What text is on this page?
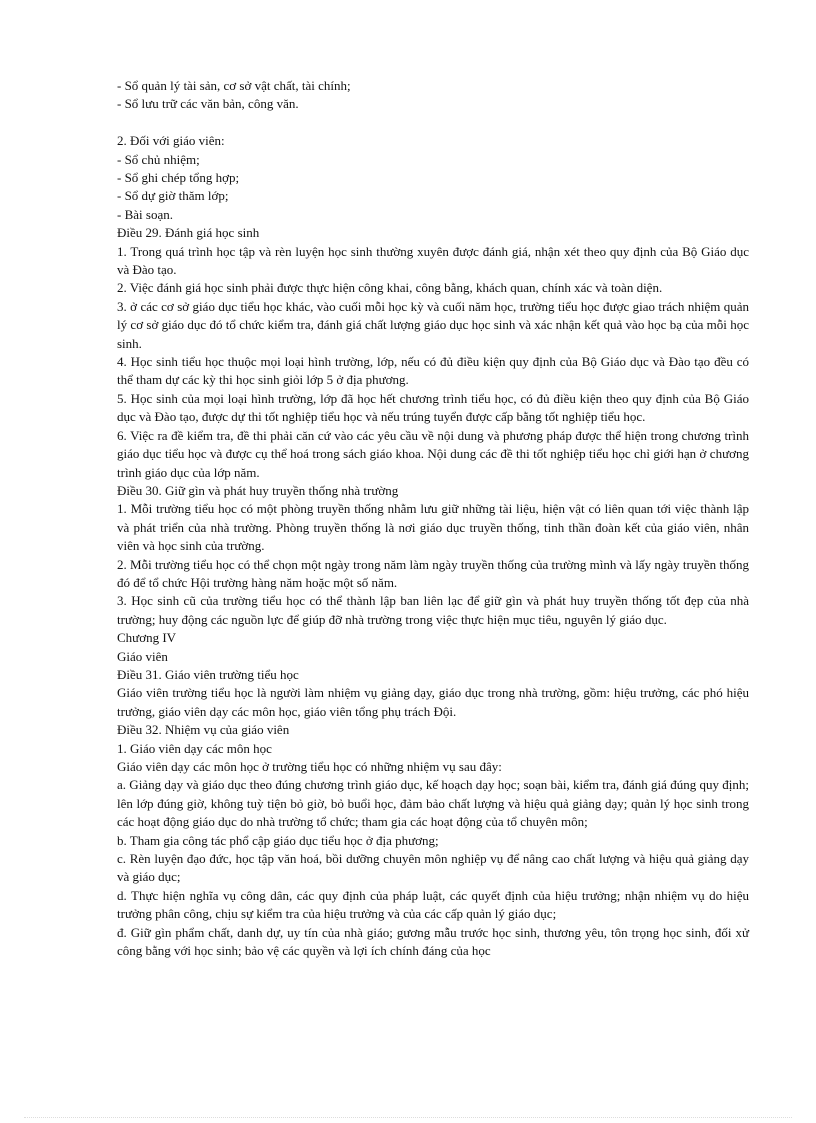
- Sổ quản lý tài sản, cơ sở vật chất, tài chính;

- Sổ lưu trữ các văn bản, công văn.

2. Đối với giáo viên:

- Sổ chủ nhiệm;

- Sổ ghi chép tổng hợp;

- Sổ dự giờ thăm lớp;

- Bài soạn.

Điều 29. Đánh giá học sinh

1. Trong quá trình học tập và rèn luyện học sinh thường xuyên được đánh giá, nhận xét theo quy định của Bộ Giáo dục và Đào tạo.

2. Việc đánh giá học sinh phải được thực hiện công khai, công bằng, khách quan, chính xác và toàn diện.

3. ở các cơ sở giáo dục tiểu học khác, vào cuối mỗi học kỳ và cuối năm học, trường tiểu học được giao trách nhiệm quản lý cơ sở giáo dục đó tổ chức kiểm tra, đánh giá chất lượng giáo dục học sinh và xác nhận kết quả vào học bạ của mỗi học sinh.

4. Học sinh tiểu học thuộc mọi loại hình trường, lớp, nếu có đủ điều kiện quy định của Bộ Giáo dục và Đào tạo đều có thể tham dự các kỳ thi học sinh giỏi lớp 5 ở địa phương.

5. Học sinh của mọi loại hình trường, lớp đã học hết chương trình tiểu học, có đủ điều kiện theo quy định của Bộ Giáo dục và Đào tạo, được dự thi tốt nghiệp tiểu học và nếu trúng tuyển được cấp bằng tốt nghiệp tiểu học.

6. Việc ra đề kiểm tra, đề thi phải căn cứ vào các yêu cầu về nội dung và phương pháp được thể hiện trong chương trình giáo dục tiểu học và được cụ thể hoá trong sách giáo khoa. Nội dung các đề thi tốt nghiệp tiểu học chỉ giới hạn ở chương trình giáo dục của lớp năm.

Điều 30. Giữ gìn và phát huy truyền thống nhà trường

1. Mỗi trường tiểu học có một phòng truyền thống nhằm lưu giữ những tài liệu, hiện vật có liên quan tới việc thành lập và phát triển của nhà trường. Phòng truyền thống là nơi giáo dục truyền thống, tinh thần đoàn kết của giáo viên, nhân viên và học sinh của trường.

2. Mỗi trường tiểu học có thể chọn một ngày trong năm làm ngày truyền thống của trường mình và lấy ngày truyền thống đó để tổ chức Hội trường hàng năm hoặc một số năm.

3. Học sinh cũ của trường tiểu học có thể thành lập ban liên lạc để giữ gìn và phát huy truyền thống tốt đẹp của nhà trường; huy động các nguồn lực để giúp đỡ nhà trường trong việc thực hiện mục tiêu, nguyên lý giáo dục.

Chương IV

Giáo viên

Điều 31. Giáo viên trường tiểu học

Giáo viên trường tiểu học là người làm nhiệm vụ giảng dạy, giáo dục trong nhà trường, gồm: hiệu trưởng, các phó hiệu trưởng, giáo viên dạy các môn học, giáo viên tổng phụ trách Đội.

Điều 32. Nhiệm vụ của giáo viên

1. Giáo viên dạy các môn học

Giáo viên dạy các môn học ở trường tiểu học có những nhiệm vụ sau đây:

a. Giảng dạy và giáo dục theo đúng chương trình giáo dục, kế hoạch dạy học; soạn bài, kiểm tra, đánh giá đúng quy định; lên lớp đúng giờ, không tuỳ tiện bỏ giờ, bỏ buổi học, đảm bảo chất lượng và hiệu quả giảng dạy; quản lý học sinh trong các hoạt động giáo dục do nhà trường tổ chức; tham gia các hoạt động của tổ chuyên môn;

b. Tham gia công tác phổ cập giáo dục tiểu học ở địa phương;

c. Rèn luyện đạo đức, học tập văn hoá, bồi dưỡng chuyên môn nghiệp vụ để nâng cao chất lượng và hiệu quả giảng dạy và giáo dục;

d. Thực hiện nghĩa vụ công dân, các quy định của pháp luật, các quyết định của hiệu trưởng; nhận nhiệm vụ do hiệu trưởng phân công, chịu sự kiểm tra của hiệu trưởng và của các cấp quản lý giáo dục;

đ. Giữ gìn phẩm chất, danh dự, uy tín của nhà giáo; gương mẫu trước học sinh, thương yêu, tôn trọng học sinh, đối xử công bằng với học sinh; bảo vệ các quyền và lợi ích chính đáng của học
